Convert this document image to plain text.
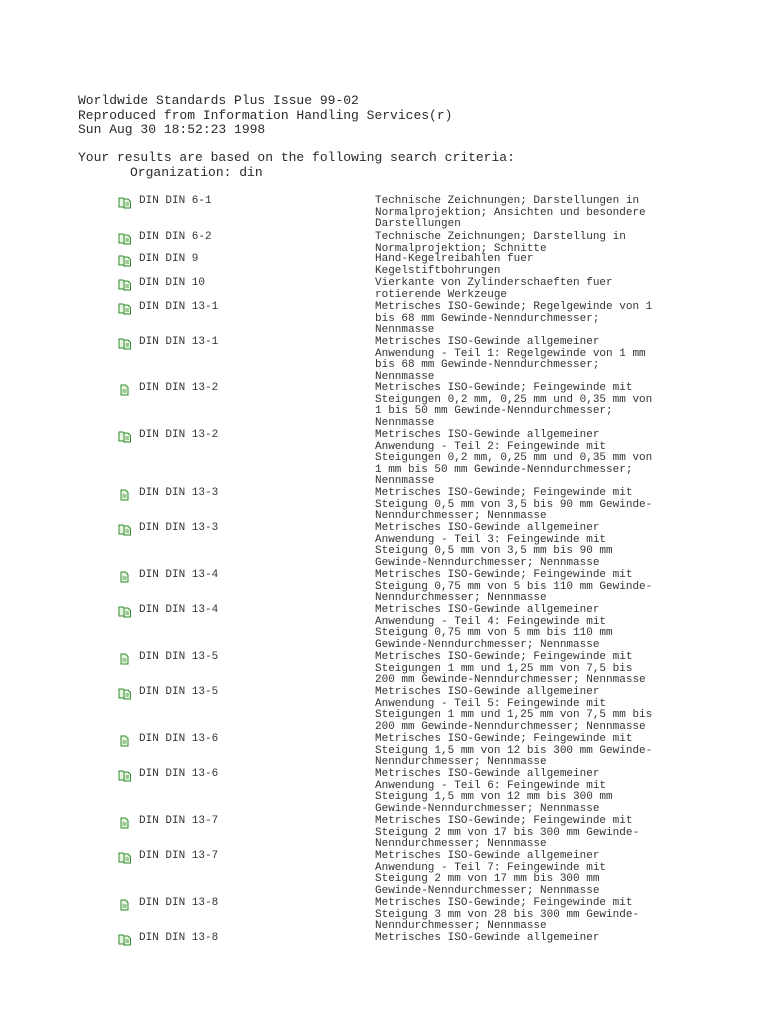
Worldwide Standards Plus Issue 99-02
Reproduced from Information Handling Services(r)
Sun Aug 30 18:52:23 1998
Your results are based on the following search criteria:
Organization: din
DIN DIN 6-1	Technische Zeichnungen; Darstellungen in
Normalprojektion; Ansichten und besondere
Darstellungen
DIN DIN 6-2	Technische Zeichnungen; Darstellung in
Normalprojektion; Schnitte
DIN DIN 9	Hand-Kegelreibahlen fuer
Kegelstiftbohrungen
DIN DIN 10	Vierkante von Zylinderschaeften fuer
rotierende Werkzeuge
DIN DIN 13-1	Metrisches ISO-Gewinde; Regelgewinde von 1
bis 68 mm Gewinde-Nenndurchmesser;
Nennmasse
DIN DIN 13-1	Metrisches ISO-Gewinde allgemeiner
Anwendung - Teil 1: Regelgewinde von 1 mm
bis 68 mm Gewinde-Nenndurchmesser;
Nennmasse
DIN DIN 13-2	Metrisches ISO-Gewinde; Feingewinde mit
Steigungen 0,2 mm, 0,25 mm und 0,35 mm von
1 bis 50 mm Gewinde-Nenndurchmesser;
Nennmasse
DIN DIN 13-2	Metrisches ISO-Gewinde allgemeiner
Anwendung - Teil 2: Feingewinde mit
Steigungen 0,2 mm, 0,25 mm und 0,35 mm von
1 mm bis 50 mm Gewinde-Nenndurchmesser;
Nennmasse
DIN DIN 13-3	Metrisches ISO-Gewinde; Feingewinde mit
Steigung 0,5 mm von 3,5 bis 90 mm Gewinde-
Nenndurchmesser; Nennmasse
DIN DIN 13-3	Metrisches ISO-Gewinde allgemeiner
Anwendung - Teil 3: Feingewinde mit
Steigung 0,5 mm von 3,5 mm bis 90 mm
Gewinde-Nenndurchmesser; Nennmasse
DIN DIN 13-4	Metrisches ISO-Gewinde; Feingewinde mit
Steigung 0,75 mm von 5 bis 110 mm Gewinde-
Nenndurchmesser; Nennmasse
DIN DIN 13-4	Metrisches ISO-Gewinde allgemeiner
Anwendung - Teil 4: Feingewinde mit
Steigung 0,75 mm von 5 mm bis 110 mm
Gewinde-Nenndurchmesser; Nennmasse
DIN DIN 13-5	Metrisches ISO-Gewinde; Feingewinde mit
Steigungen 1 mm und 1,25 mm von 7,5 bis
200 mm Gewinde-Nenndurchmesser; Nennmasse
DIN DIN 13-5	Metrisches ISO-Gewinde allgemeiner
Anwendung - Teil 5: Feingewinde mit
Steigungen 1 mm und 1,25 mm von 7,5 mm bis
200 mm Gewinde-Nenndurchmesser; Nennmasse
DIN DIN 13-6	Metrisches ISO-Gewinde; Feingewinde mit
Steigung 1,5 mm von 12 bis 300 mm Gewinde-
Nenndurchmesser; Nennmasse
DIN DIN 13-6	Metrisches ISO-Gewinde allgemeiner
Anwendung - Teil 6: Feingewinde mit
Steigung 1,5 mm von 12 mm bis 300 mm
Gewinde-Nenndurchmesser; Nennmasse
DIN DIN 13-7	Metrisches ISO-Gewinde; Feingewinde mit
Steigung 2 mm von 17 bis 300 mm Gewinde-
Nenndurchmesser; Nennmasse
DIN DIN 13-7	Metrisches ISO-Gewinde allgemeiner
Anwendung - Teil 7: Feingewinde mit
Steigung 2 mm von 17 mm bis 300 mm
Gewinde-Nenndurchmesser; Nennmasse
DIN DIN 13-8	Metrisches ISO-Gewinde; Feingewinde mit
Steigung 3 mm von 28 bis 300 mm Gewinde-
Nenndurchmesser; Nennmasse
DIN DIN 13-8	Metrisches ISO-Gewinde allgemeiner
